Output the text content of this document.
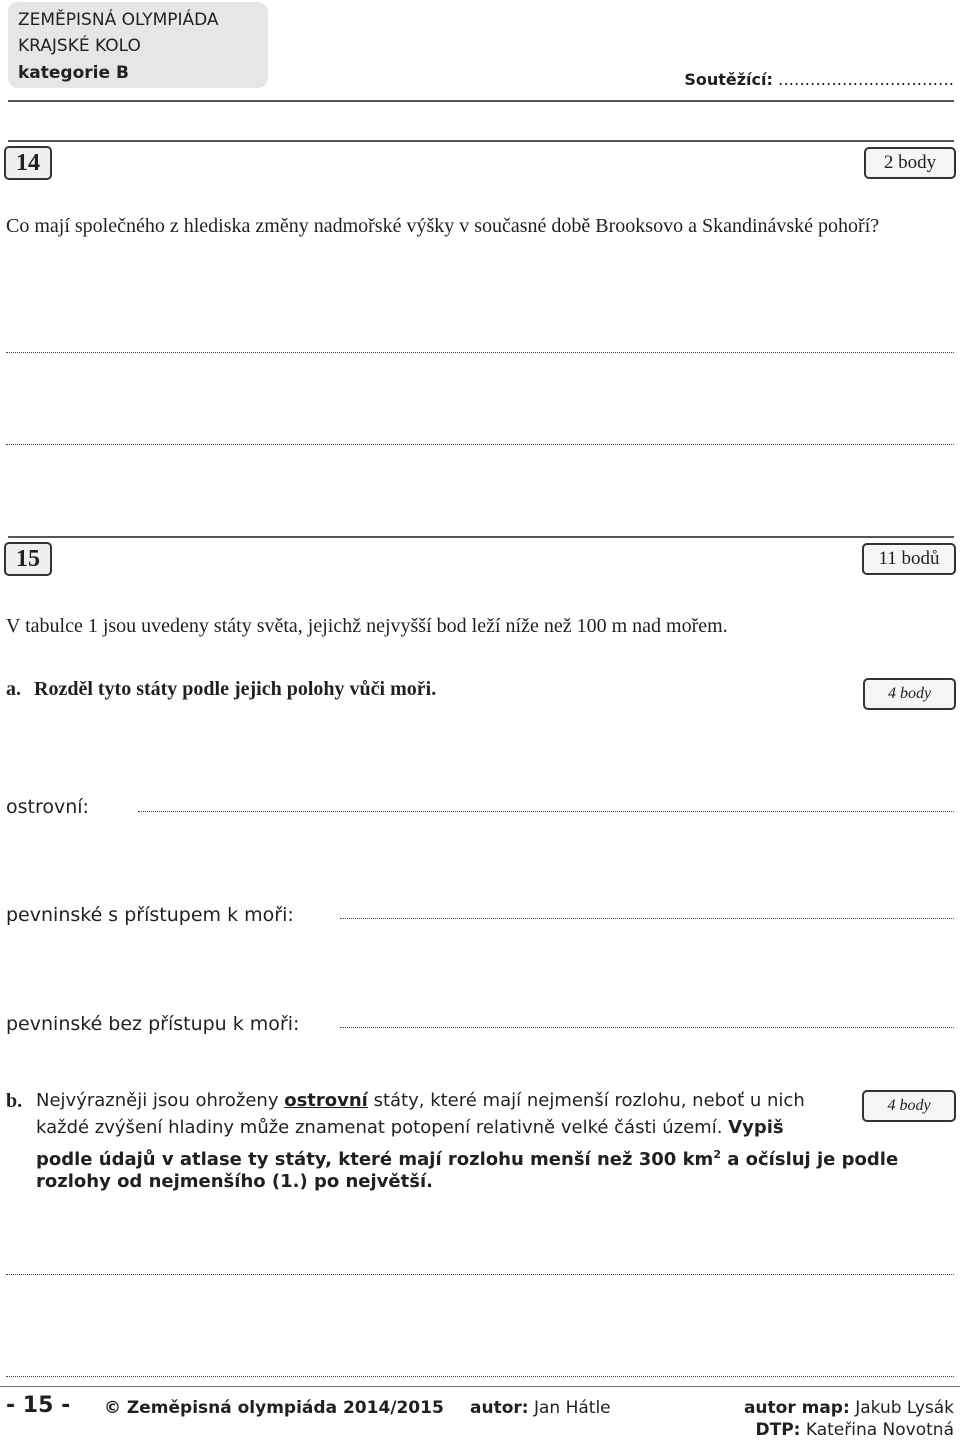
ZEMĚPISNÁ OLYMPIÁDA
KRAJSKÉ KOLO
kategorie B	Soutěžící: ……………………………
14	2 body
Co mají společného z hlediska změny nadmořské výšky v současné době Brooksovo a Skandinávské pohoří?
15	11 bodů
V tabulce 1 jsou uvedeny státy světa, jejichž nejvyšší bod leží níže než 100 m nad mořem.
a. Rozděl tyto státy podle jejich polohy vůči moři.	4 body
ostrovní:
pevninské s přístupem k moři:
pevninské bez přístupu k moři:
b. Nejvýrazněji jsou ohroženy ostrovní státy, které mají nejmenší rozlohu, neboť u nich
každé zvýšení hladiny může znamenat potopení relativně velké části území. Vypiš
podle údajů v atlase ty státy, které mají rozlohu menší než 300 $km^2$ a očísluj je podle
rozlohy od nejmenšího (1.) po největší.
4 body
- 15 - © Zeměpisná olympiáda 2014/2015 autor: Jan Hátle	autor map: Jakub Lysák
DTP: Kateřina Novotná
